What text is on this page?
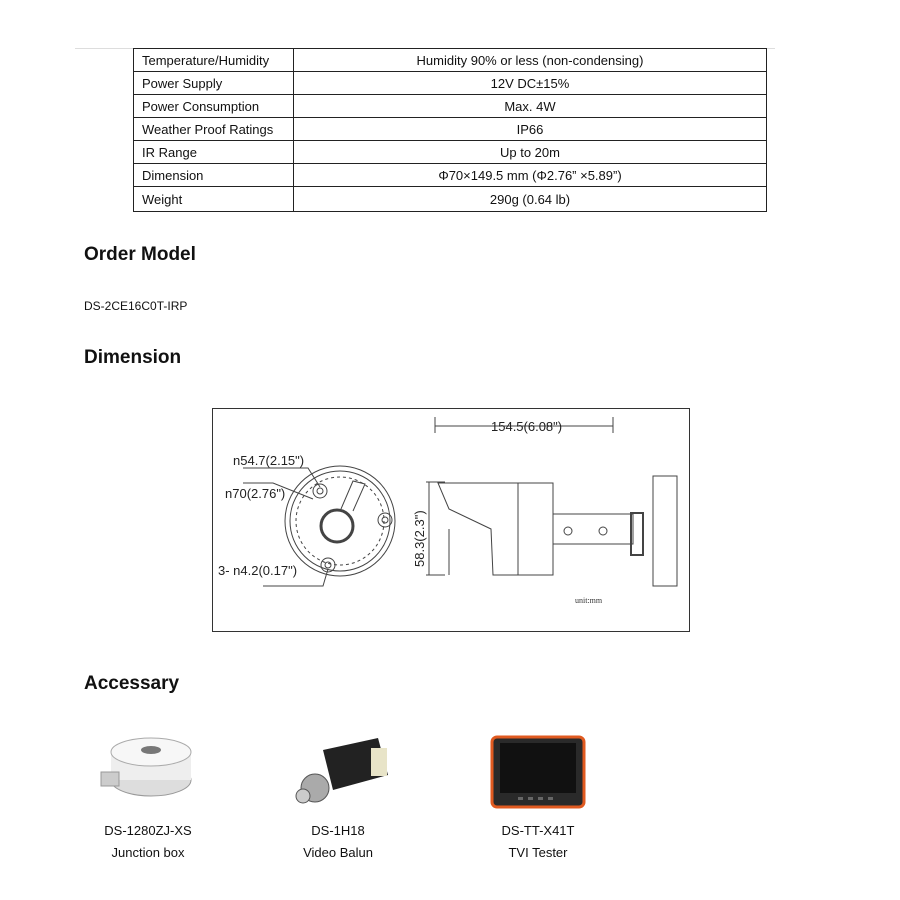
Temperature/Humidity	Humidity 90% or less (non-condensing)
Power Supply	12V DC±15%
Power Consumption	Max. 4W
Weather Proof Ratings	IP66
IR Range	Up to 20m
Dimension	Φ70×149.5 mm (Φ2.76” ×5.89”)
Weight	290g (0.64 lb)
Order Model
DS-2CE16C0T-IRP
Dimension
154.5(6.08")
58.3(2.3")
n54.7(2.15")
n70(2.76")
3- n4.2(0.17")
unit:mm
Accessary
DS-1280ZJ-XS
Junction box
DS-1H18
Video Balun
DS-TT-X41T
TVI Tester
